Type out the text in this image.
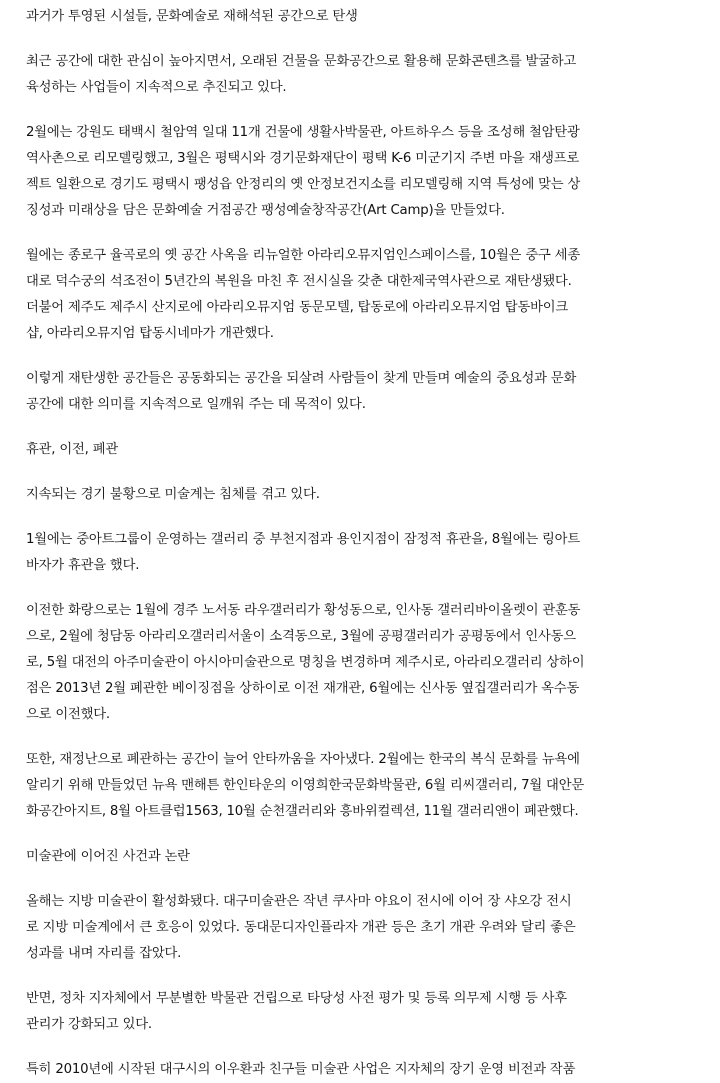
과거가 투영된 시설들, 문화예술로 재해석된 공간으로 탄생
최근 공간에 대한 관심이 높아지면서, 오래된 건물을 문화공간으로 활용해 문화콘텐츠를 발굴하고
육성하는 사업들이 지속적으로 추진되고 있다.
2월에는 강원도 태백시 철암역 일대 11개 건물에 생활사박물관, 아트하우스 등을 조성해 철암탄광
역사촌으로 리모델링했고, 3월은 평택시와 경기문화재단이 평택 K-6 미군기지 주변 마을 재생프로
젝트 일환으로 경기도 평택시 팽성읍 안정리의 옛 안정보건지소를 리모델링해 지역 특성에 맞는 상
징성과 미래상을 담은 문화예술 거점공간 팽성예술창작공간(Art Camp)을 만들었다.
월에는 종로구 율곡로의 옛 공간 사옥을 리뉴얼한 아라리오뮤지엄인스페이스를, 10월은 중구 세종
대로 덕수궁의 석조전이 5년간의 복원을 마친 후 전시실을 갖춘 대한제국역사관으로 재탄생됐다.
더불어 제주도 제주시 산지로에 아라리오뮤지엄 동문모텔, 탑동로에 아라리오뮤지엄 탑동바이크
샵, 아라리오뮤지엄 탑동시네마가 개관했다.
이렇게 재탄생한 공간들은 공동화되는 공간을 되살려 사람들이 찾게 만들며 예술의 중요성과 문화
공간에 대한 의미를 지속적으로 일깨워 주는 데 목적이 있다.
휴관, 이전, 폐관
지속되는 경기 불황으로 미술계는 침체를 겪고 있다.
1월에는 중아트그룹이 운영하는 갤러리 중 부천지점과 용인지점이 잠정적 휴관을, 8월에는 링아트
바자가 휴관을 했다.
이전한 화랑으로는 1월에 경주 노서동 라우갤러리가 황성동으로, 인사동 갤러리바이올렛이 관훈동
으로, 2월에 청담동 아라리오갤러리서울이 소격동으로, 3월에 공평갤러리가 공평동에서 인사동으
로, 5월 대전의 아주미술관이 아시아미술관으로 명칭을 변경하며 제주시로, 아라리오갤러리 상하이
점은 2013년 2월 폐관한 베이징점을 상하이로 이전 재개관, 6월에는 신사동 옆집갤러리가 옥수동
으로 이전했다.
또한, 재정난으로 폐관하는 공간이 늘어 안타까움을 자아냈다. 2월에는 한국의 복식 문화를 뉴욕에
알리기 위해 만들었던 뉴욕 맨해튼 한인타운의 이영희한국문화박물관, 6월 리씨갤러리, 7월 대안문
화공간아지트, 8월 아트클럽1563, 10월 순천갤러리와 흥바위컬렉션, 11월 갤러리앤이 폐관했다.
미술관에 이어진 사건과 논란
올해는 지방 미술관이 활성화됐다. 대구미술관은 작년 쿠사마 야요이 전시에 이어 장 샤오강 전시
로 지방 미술계에서 큰 호응이 있었다. 동대문디자인플라자 개관 등은 초기 개관 우려와 달리 좋은
성과를 내며 자리를 잡았다.
반면, 정차 지자체에서 무분별한 박물관 건립으로 타당성 사전 평가 및 등록 의무제 시행 등 사후
관리가 강화되고 있다.
특히 2010년에 시작된 대구시의 이우환과 친구들 미술관 사업은 지자체의 장기 운영 비전과 작품
